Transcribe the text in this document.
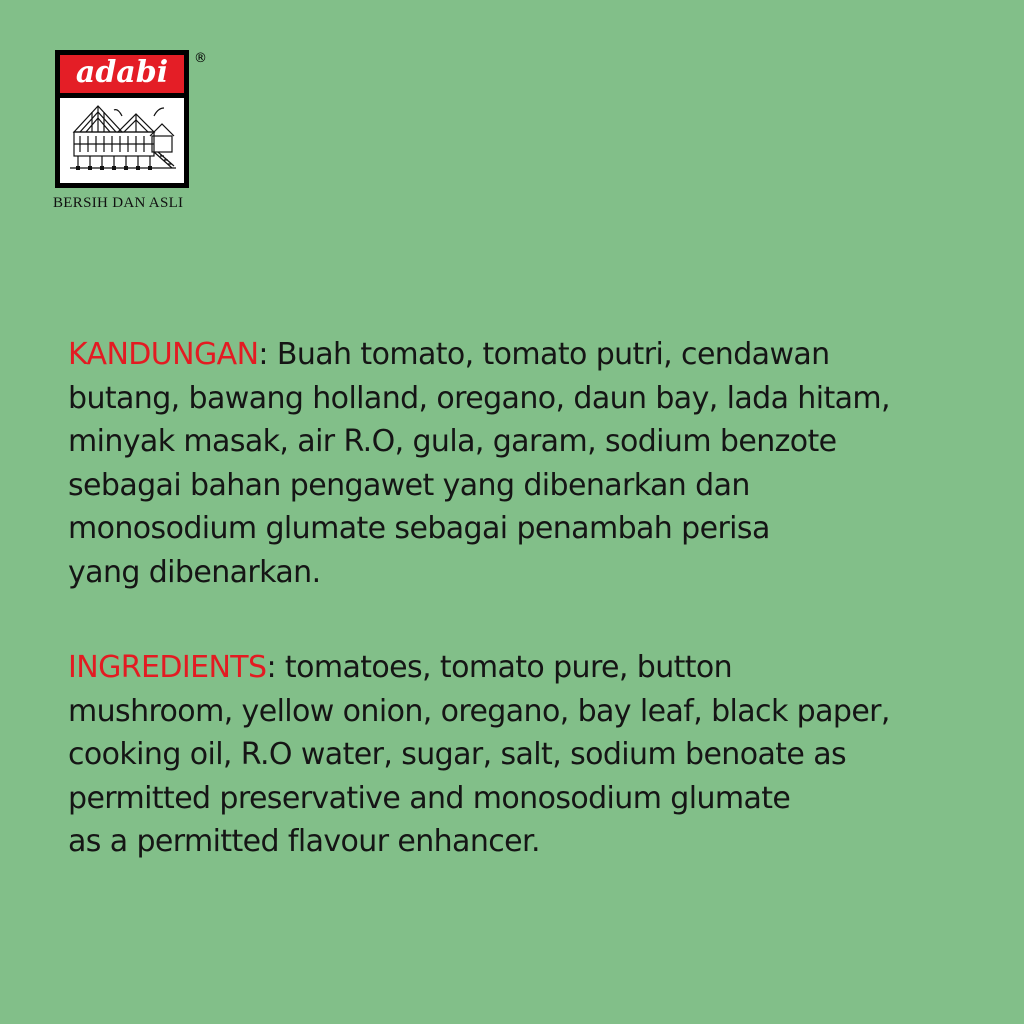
adabi	®
BERSIH DAN ASLI
KANDUNGAN: Buah tomato, tomato putri, cendawan
butang, bawang holland, oregano, daun bay, lada hitam,
minyak masak, air R.O, gula, garam, sodium benzote
sebagai bahan pengawet yang dibenarkan dan
monosodium glumate sebagai penambah perisa
yang dibenarkan.
INGREDIENTS: tomatoes, tomato pure, button
mushroom, yellow onion, oregano, bay leaf, black paper,
cooking oil, R.O water, sugar, salt, sodium benoate as
permitted preservative and monosodium glumate
as a permitted flavour enhancer.
